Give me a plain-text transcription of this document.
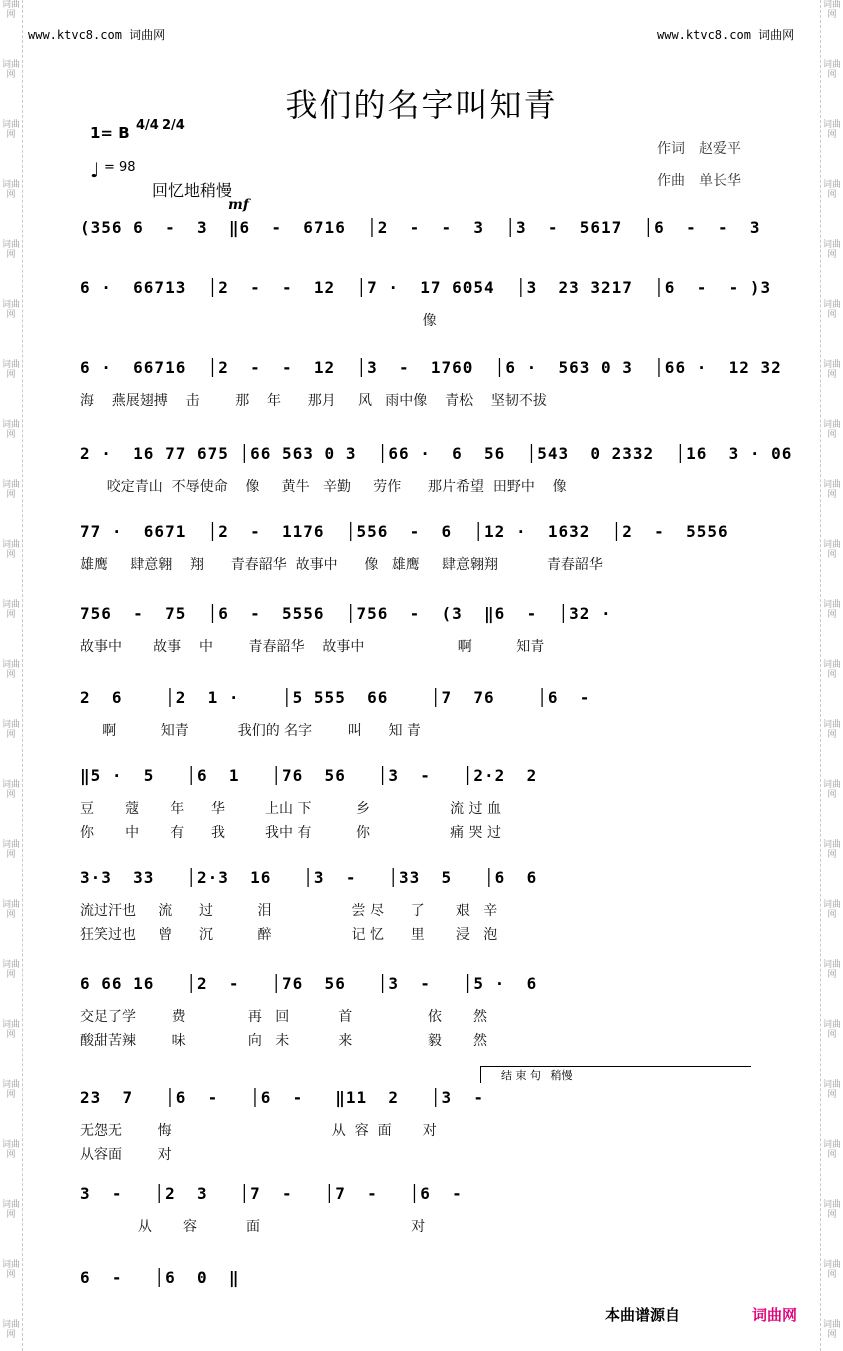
词曲网
词曲网
词曲网
词曲网
词曲网
词曲网
词曲网
词曲网
词曲网
词曲网
词曲网
词曲网
词曲网
词曲网
词曲网
词曲网
词曲网
词曲网
词曲网
词曲网
词曲网
词曲网
词曲网
词曲网
词曲网
词曲网
词曲网
词曲网
词曲网
词曲网
词曲网
词曲网
词曲网
词曲网
词曲网
词曲网
词曲网
词曲网
词曲网
词曲网
词曲网
词曲网
词曲网
词曲网
词曲网
词曲网
www.ktvc8.com 词曲网	www.ktvc8.com 词曲网
我们的名字叫知青
1= B 4/4 2/4
♩ = 98
作词　赵爱平
作曲　单长华
回忆地稍慢
mf
(356 6  -  3  ‖6  -  6716  │2  -  -  3  │3  -  5617  │6  -  -  3
6 ·  66713  │2  -  -  12  │7 ·  17 6054  │3  23 3217  │6  -  - )3
像
6 ·  66716  │2  -  -  12  │3  -  1760  │6 ·  563 0 3  │66 ·  12 32
海    燕展翅搏    击        那    年      那月     风   雨中像    青松    坚韧不拔
2 ·  16 77 675 │66 563 0 3  │66 ·  6  56  │543  0 2332  │16  3 · 06
咬定青山  不辱使命    像     黄牛   辛勤     劳作      那片希望  田野中    像
77 ·  6671  │2  -  1176  │556  -  6  │12 ·  1632  │2  -  5556
雄鹰     肆意翱    翔      青春韶华  故事中      像   雄鹰     肆意翱翔           青春韶华
756  -  75  │6  -  5556  │756  -  (3  ‖6  -  │32 ·
故事中       故事    中        青春韶华    故事中                     啊          知青
2  6    │2  1 ·    │5 555  66    │7  76    │6  -
啊          知青           我们的 名字        叫      知 青
‖5 ·  5   │6  1   │76  56   │3  -   │2·2  2
豆       蔻       年      华         上山 下          乡                  流 过 血
你       中       有      我         我中 有          你                  痛 哭 过
3·3  33   │2·3  16   │3  -   │33  5   │6  6
流过汗也     流      过          泪                  尝 尽      了       艰   辛
狂笑过也     曾      沉          醉                  记 忆      里       浸   泡
6 66 16   │2  -   │76  56   │3  -   │5 ·  6
交足了学        费              再   回           首                 依       然
酸甜苦辣        味              向   未           来                 毅       然
23  7   │6  -   │6  -   ‖11  2   │3  -
无怨无        悔                                    从  容  面       对
从容面        对
3  -   │2  3   │7  -   │7  -   │6  -
从       容           面                                  对
6  -   │6  0  ‖
结 束 句 稍慢
本曲谱源自	词曲网
